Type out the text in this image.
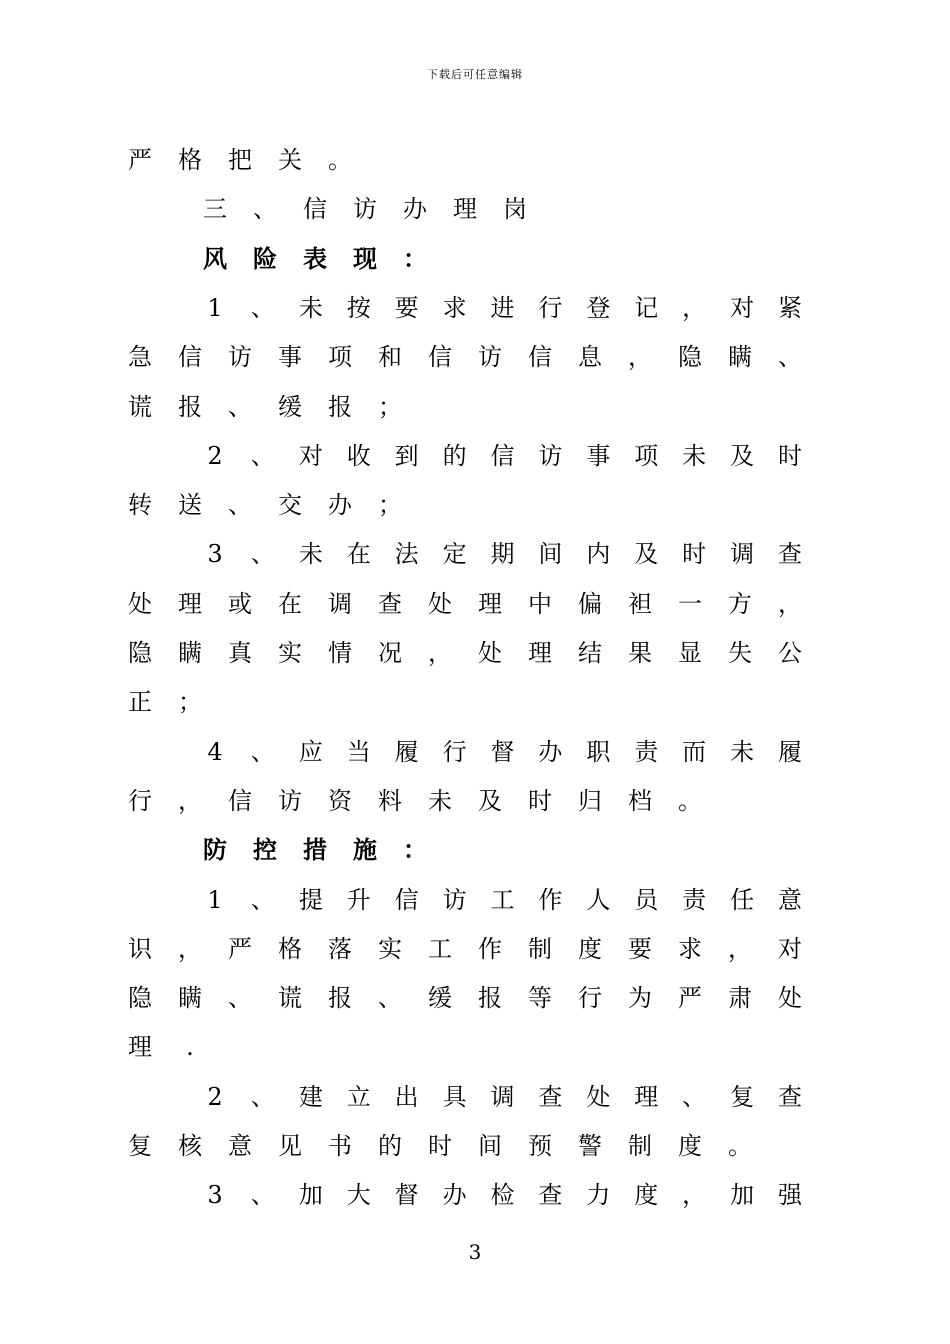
下载后可任意编辑
严 格 把 关 。
三 、 信 访 办 理 岗
风 险 表 现 ：
1	、 未 按 要 求 进 行 登 记 ， 对 紧
急 信 访 事 项 和 信 访 信 息 ， 隐 瞒 、
谎 报 、 缓 报 ；
2	、 对 收 到 的 信 访 事 项 未 及 时
转 送 、 交 办 ；
3	、 未 在 法 定 期 间 内 及 时 调 查
处 理 或 在 调 查 处 理 中 偏 袒 一 方 ，
隐 瞒 真 实 情 况 ， 处 理 结 果 显 失 公
正 ；
4	、 应 当 履 行 督 办 职 责 而 未 履
行 ， 信 访 资 料 未 及 时 归 档 。
防 控 措 施 ：
1	、 提 升 信 访 工 作 人 员 责 任 意
识 ， 严 格 落 实 工 作 制 度 要 求 ， 对
隐 瞒 、 谎 报 、 缓 报 等 行 为 严 肃 处
理	.
2	、 建 立 出 具 调 查 处 理 、 复 查
复 核 意 见 书 的 时 间 预 警 制 度 。
3	、 加 大 督 办 检 查 力 度 ， 加 强
3
